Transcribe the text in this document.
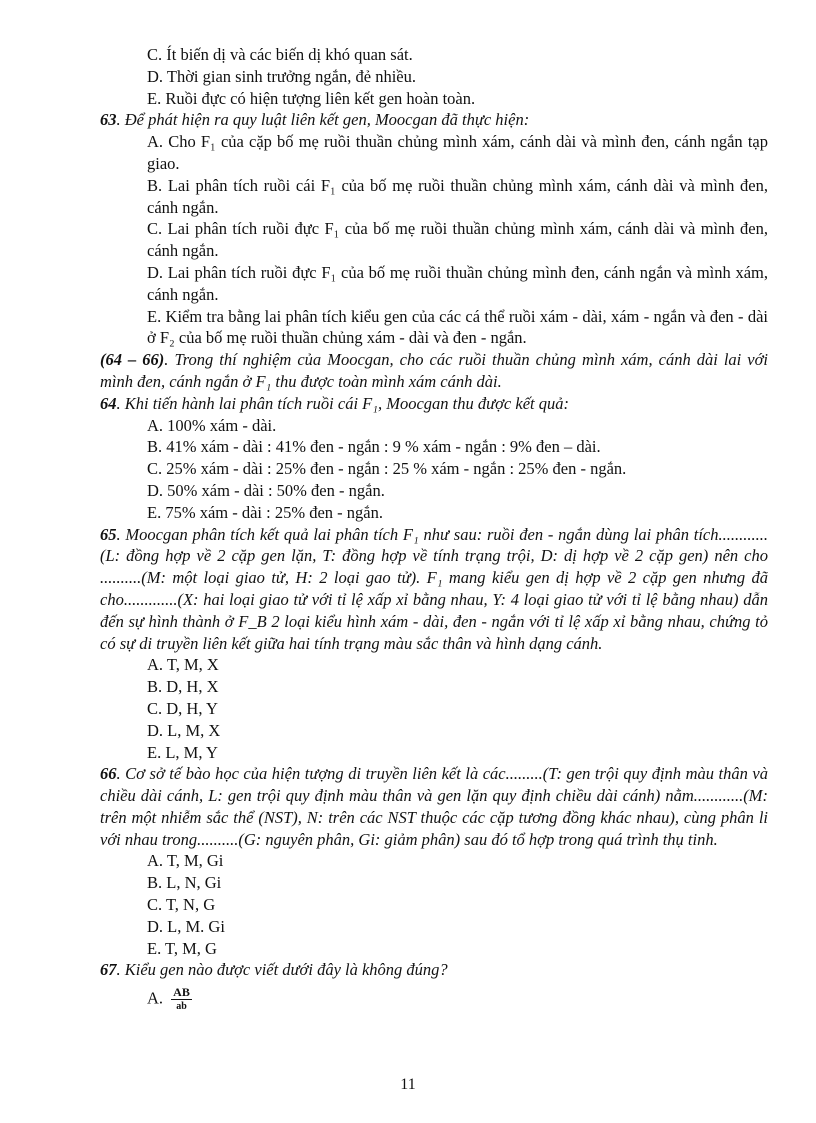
C. Ít biến dị và các biến dị khó quan sát.

D. Thời gian sinh trưởng ngắn, đẻ nhiều.

E. Ruồi đực có hiện tượng liên kết gen hoàn toàn.

63. Để phát hiện ra quy luật liên kết gen, Moocgan đã thực hiện:

A. Cho F₁ của cặp bố mẹ ruồi thuần chủng mình xám, cánh dài và mình đen, cánh ngắn tạp giao.

B. Lai phân tích ruồi cái F₁ của bố mẹ ruồi thuần chủng mình xám, cánh dài và mình đen, cánh ngắn.

C. Lai phân tích ruồi đực F₁ của bố mẹ ruồi thuần chủng mình xám, cánh dài và mình đen, cánh ngắn.

D. Lai phân tích ruồi đực F₁ của bố mẹ ruồi thuần chủng mình đen, cánh ngắn và mình xám, cánh ngắn.

E. Kiểm tra bằng lai phân tích kiểu gen của các cá thể ruồi xám - dài, xám - ngắn và đen - dài ở F₂ của bố mẹ ruồi thuần chủng xám - dài và đen - ngắn.

(64 – 66). Trong thí nghiệm của Moocgan, cho các ruồi thuần chủng mình xám, cánh dài lai với mình đen, cánh ngắn ở F₁ thu được toàn mình xám cánh dài.

64. Khi tiến hành lai phân tích ruồi cái F₁, Moocgan thu được kết quả:

A. 100% xám - dài.

B. 41% xám - dài : 41% đen - ngắn : 9 % xám - ngắn : 9% đen – dài.

C. 25% xám - dài : 25% đen - ngắn : 25 % xám - ngắn : 25% đen - ngắn.

D. 50% xám - dài : 50% đen - ngắn.

E. 75% xám - dài : 25% đen - ngắn.

65. Moocgan phân tích kết quả lai phân tích F₁ như sau: ruồi đen - ngắn dùng lai phân tích............(L: đồng hợp về 2 cặp gen lặn, T: đồng hợp về tính trạng trội, D: dị hợp về 2 cặp gen) nên cho ..........(M: một loại giao tử, H: 2 loại gao tử). F₁ mang kiểu gen dị hợp về 2 cặp gen nhưng đã cho.............(X: hai loại giao tử với tỉ lệ xấp xỉ bằng nhau, Y: 4 loại giao tử với tỉ lệ bằng nhau) dẫn đến sự hình thành ở F_B 2 loại kiểu hình xám - dài, đen - ngắn với tỉ lệ xấp xỉ bằng nhau, chứng tỏ có sự di truyền liên kết giữa hai tính trạng màu sắc thân và hình dạng cánh.

A. T, M, X

B. D, H, X

C. D, H, Y

D. L, M, X

E. L, M, Y

66. Cơ sở tế bào học của hiện tượng di truyền liên kết là các.........(T: gen trội quy định màu thân và chiều dài cánh, L: gen trội quy định màu thân và gen lặn quy định chiều dài cánh) nằm............(M: trên một nhiễm sắc thể (NST), N: trên các NST thuộc các cặp tương đồng khác nhau), cùng phân li với nhau trong..........(G: nguyên phân, Gi: giảm phân) sau đó tổ hợp trong quá trình thụ tinh.

A. T, M, Gi

B. L, N, Gi

C. T, N, G

D. L, M. Gi

E. T, M, G

67. Kiểu gen nào được viết dưới đây là không đúng?

A. $\frac{AB}{ab}$

11
